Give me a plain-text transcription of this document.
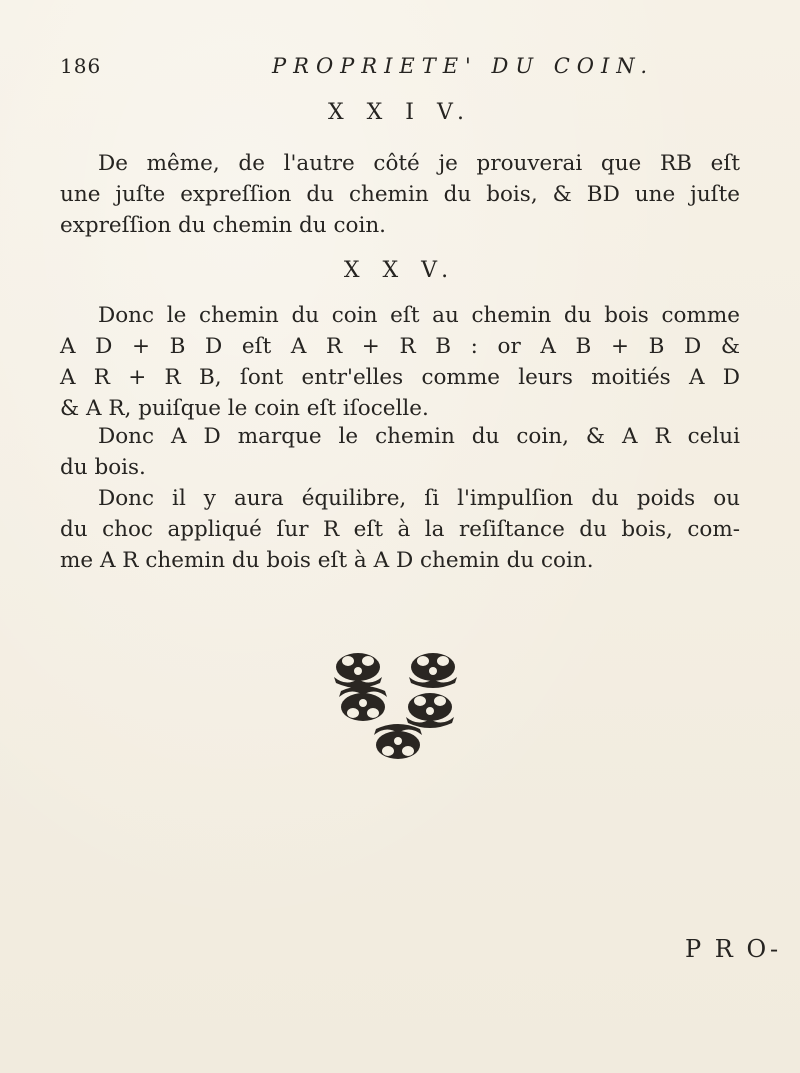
186	PROPRIETE' DU COIN.
X X I V.

De même, de l'autre côté je prouverai que RB eſt
une juſte expreſſion du chemin du bois, & BD une juſte
expreſſion du chemin du coin.

X X V.

Donc le chemin du coin eſt au chemin du bois comme
A D + B D eſt A R + R B : or A B + B D &
A R + R B, ſont entr'elles comme leurs moitiés A D
& A R, puiſque le coin eſt iſocelle.

Donc A D marque le chemin du coin, & A R celui
du bois.

Donc il y aura équilibre, ſi l'impulſion du poids ou
du choc appliqué ſur R eſt à la reſiſtance du bois, com-
me A R chemin du bois eſt à A D chemin du coin.

P R O-
